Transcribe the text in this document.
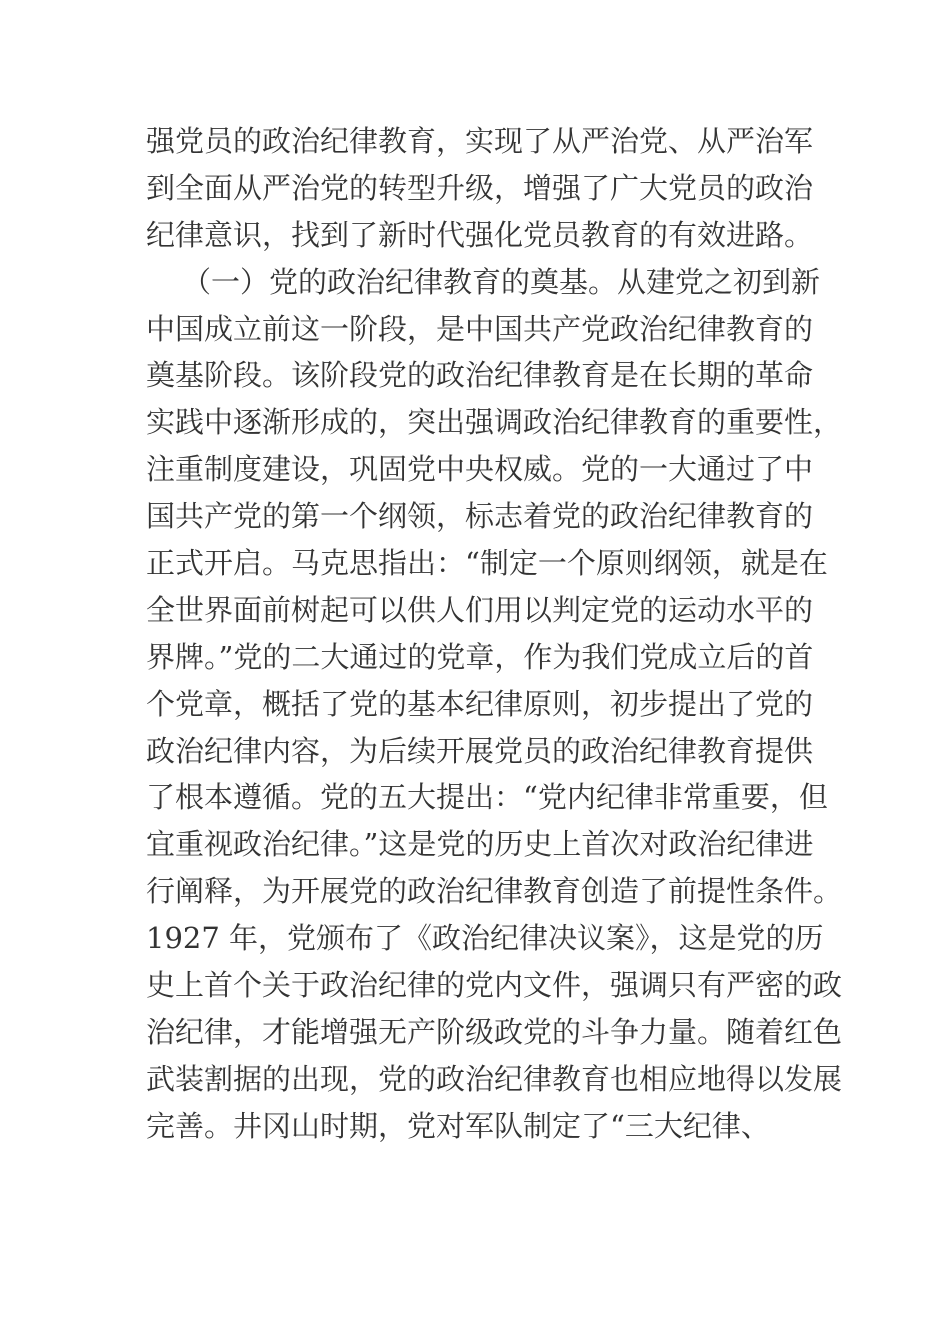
强党员的政治纪律教育，实现了从严治党、从严治军
到全面从严治党的转型升级，增强了广大党员的政治
纪律意识，找到了新时代强化党员教育的有效进路。
（一）党的政治纪律教育的奠基。从建党之初到新
中国成立前这一阶段，是中国共产党政治纪律教育的
奠基阶段。该阶段党的政治纪律教育是在长期的革命
实践中逐渐形成的，突出强调政治纪律教育的重要性，
注重制度建设，巩固党中央权威。党的一大通过了中
国共产党的第一个纲领，标志着党的政治纪律教育的
正式开启。马克思指出：“制定一个原则纲领，就是在
全世界面前树起可以供人们用以判定党的运动水平的
界牌。”党的二大通过的党章，作为我们党成立后的首
个党章，概括了党的基本纪律原则，初步提出了党的
政治纪律内容，为后续开展党员的政治纪律教育提供
了根本遵循。党的五大提出：“党内纪律非常重要，但
宜重视政治纪律。”这是党的历史上首次对政治纪律进
行阐释，为开展党的政治纪律教育创造了前提性条件。
1927 年，党颁布了《政治纪律决议案》，这是党的历
史上首个关于政治纪律的党内文件，强调只有严密的政
治纪律，才能增强无产阶级政党的斗争力量。随着红色
武装割据的出现，党的政治纪律教育也相应地得以发展
完善。井冈山时期，党对军队制定了“三大纪律、
